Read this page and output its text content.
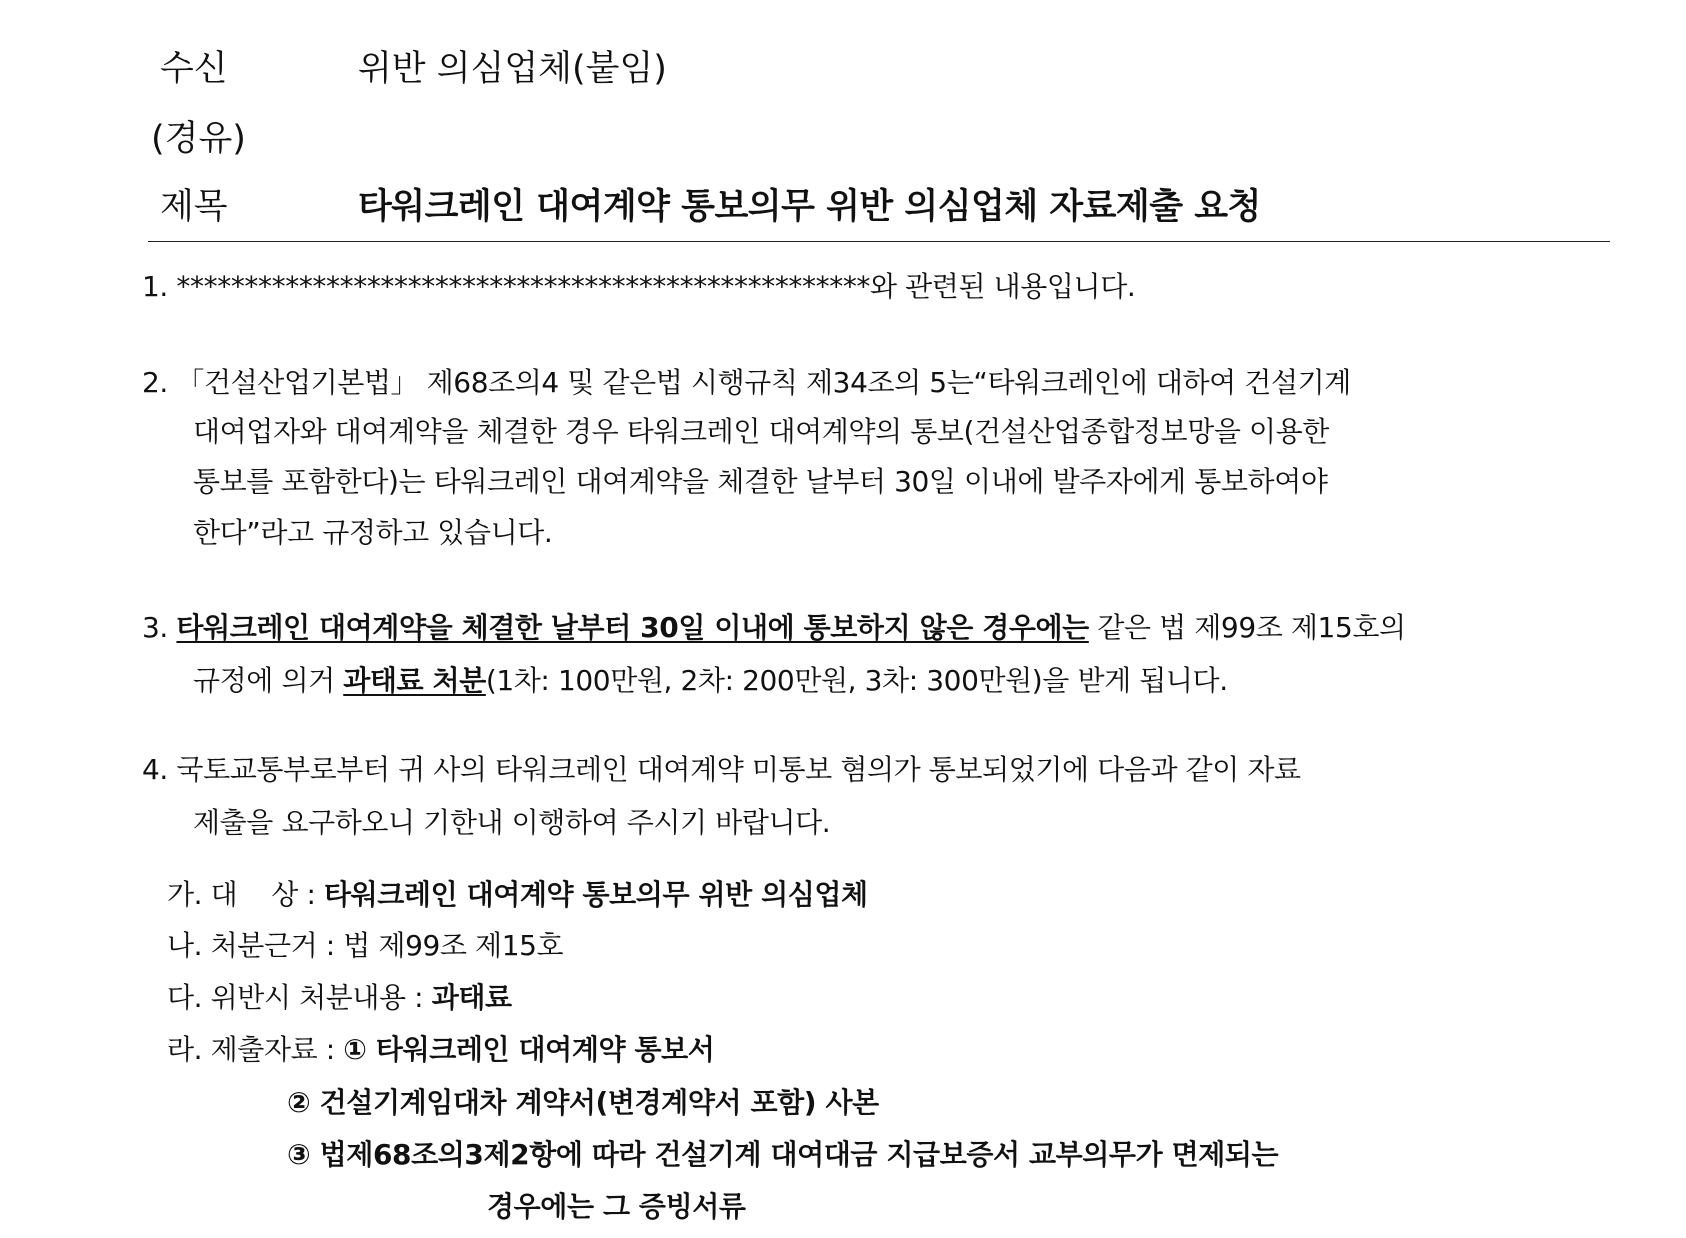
수신	위반 의심업체(붙임)
(경유)
제목	타워크레인 대여계약 통보의무 위반 의심업체 자료제출 요청
1. ***************************************************와 관련된 내용입니다.
2. 「건설산업기본법」 제68조의4 및 같은법 시행규칙 제34조의 5는“타워크레인에 대하여 건설기계
대여업자와 대여계약을 체결한 경우 타워크레인 대여계약의 통보(건설산업종합정보망을 이용한
통보를 포함한다)는 타워크레인 대여계약을 체결한 날부터 30일 이내에 발주자에게 통보하여야
한다”라고 규정하고 있습니다.
3. 타워크레인 대여계약을 체결한 날부터 30일 이내에 통보하지 않은 경우에는 같은 법 제99조 제15호의
규정에 의거 과태료 처분(1차: 100만원, 2차: 200만원, 3차: 300만원)을 받게 됩니다.
4. 국토교통부로부터 귀 사의 타워크레인 대여계약 미통보 혐의가 통보되었기에 다음과 같이 자료
제출을 요구하오니 기한내 이행하여 주시기 바랍니다.
가. 대    상 : 타워크레인 대여계약 통보의무 위반 의심업체
나. 처분근거 : 법 제99조 제15호
다. 위반시 처분내용 : 과태료
라. 제출자료 : ① 타워크레인 대여계약 통보서
② 건설기계임대차 계약서(변경계약서 포함) 사본
③ 법제68조의3제2항에 따라 건설기계 대여대금 지급보증서 교부의무가 면제되는
경우에는 그 증빙서류
